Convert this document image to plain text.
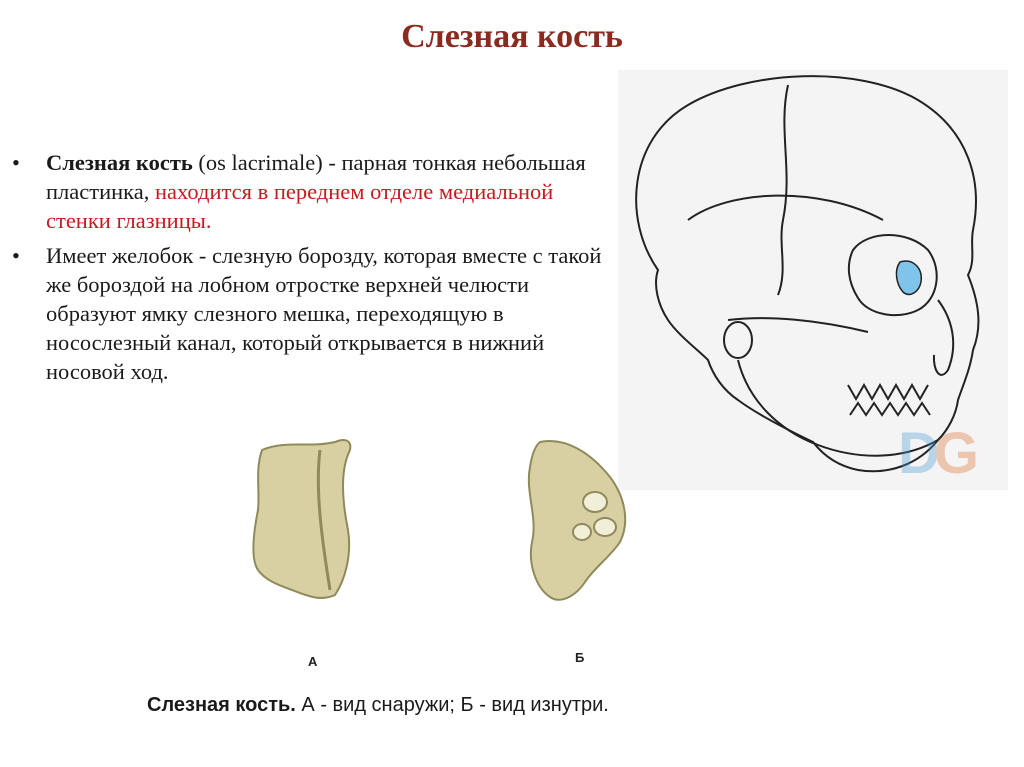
Слезная кость
• Слезная кость (os lacrimale) - парная тонкая небольшая пластинка, находится в переднем отделе медиальной стенки глазницы.
• Имеет желобок - слезную борозду, которая вместе с такой же бороздой на лобном отростке верхней челюсти образуют ямку слезного мешка, переходящую в носослезный канал, который открывается в нижний носовой ход.
DG
А	Б
Слезная кость. А - вид снаружи; Б - вид изнутри.
